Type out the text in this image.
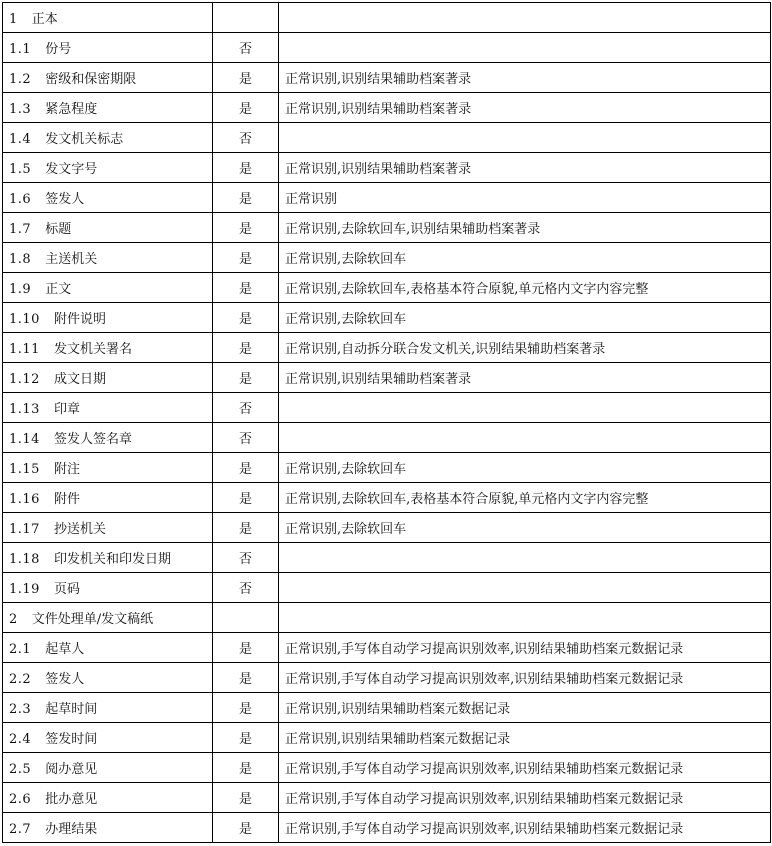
1 正本		
1.1 份号	否	
1.2 密级和保密期限	是	正常识别,识别结果辅助档案著录
1.3 紧急程度	是	正常识别,识别结果辅助档案著录
1.4 发文机关标志	否	
1.5 发文字号	是	正常识别,识别结果辅助档案著录
1.6 签发人	是	正常识别
1.7 标题	是	正常识别,去除软回车,识别结果辅助档案著录
1.8 主送机关	是	正常识别,去除软回车
1.9 正文	是	正常识别,去除软回车,表格基本符合原貌,单元格内文字内容完整
1.10 附件说明	是	正常识别,去除软回车
1.11 发文机关署名	是	正常识别,自动拆分联合发文机关,识别结果辅助档案著录
1.12 成文日期	是	正常识别,识别结果辅助档案著录
1.13 印章	否	
1.14 签发人签名章	否	
1.15 附注	是	正常识别,去除软回车
1.16 附件	是	正常识别,去除软回车,表格基本符合原貌,单元格内文字内容完整
1.17 抄送机关	是	正常识别,去除软回车
1.18 印发机关和印发日期	否	
1.19 页码	否	
2 文件处理单/发文稿纸		
2.1 起草人	是	正常识别,手写体自动学习提高识别效率,识别结果辅助档案元数据记录
2.2 签发人	是	正常识别,手写体自动学习提高识别效率,识别结果辅助档案元数据记录
2.3 起草时间	是	正常识别,识别结果辅助档案元数据记录
2.4 签发时间	是	正常识别,识别结果辅助档案元数据记录
2.5 阅办意见	是	正常识别,手写体自动学习提高识别效率,识别结果辅助档案元数据记录
2.6 批办意见	是	正常识别,手写体自动学习提高识别效率,识别结果辅助档案元数据记录
2.7 办理结果	是	正常识别,手写体自动学习提高识别效率,识别结果辅助档案元数据记录
